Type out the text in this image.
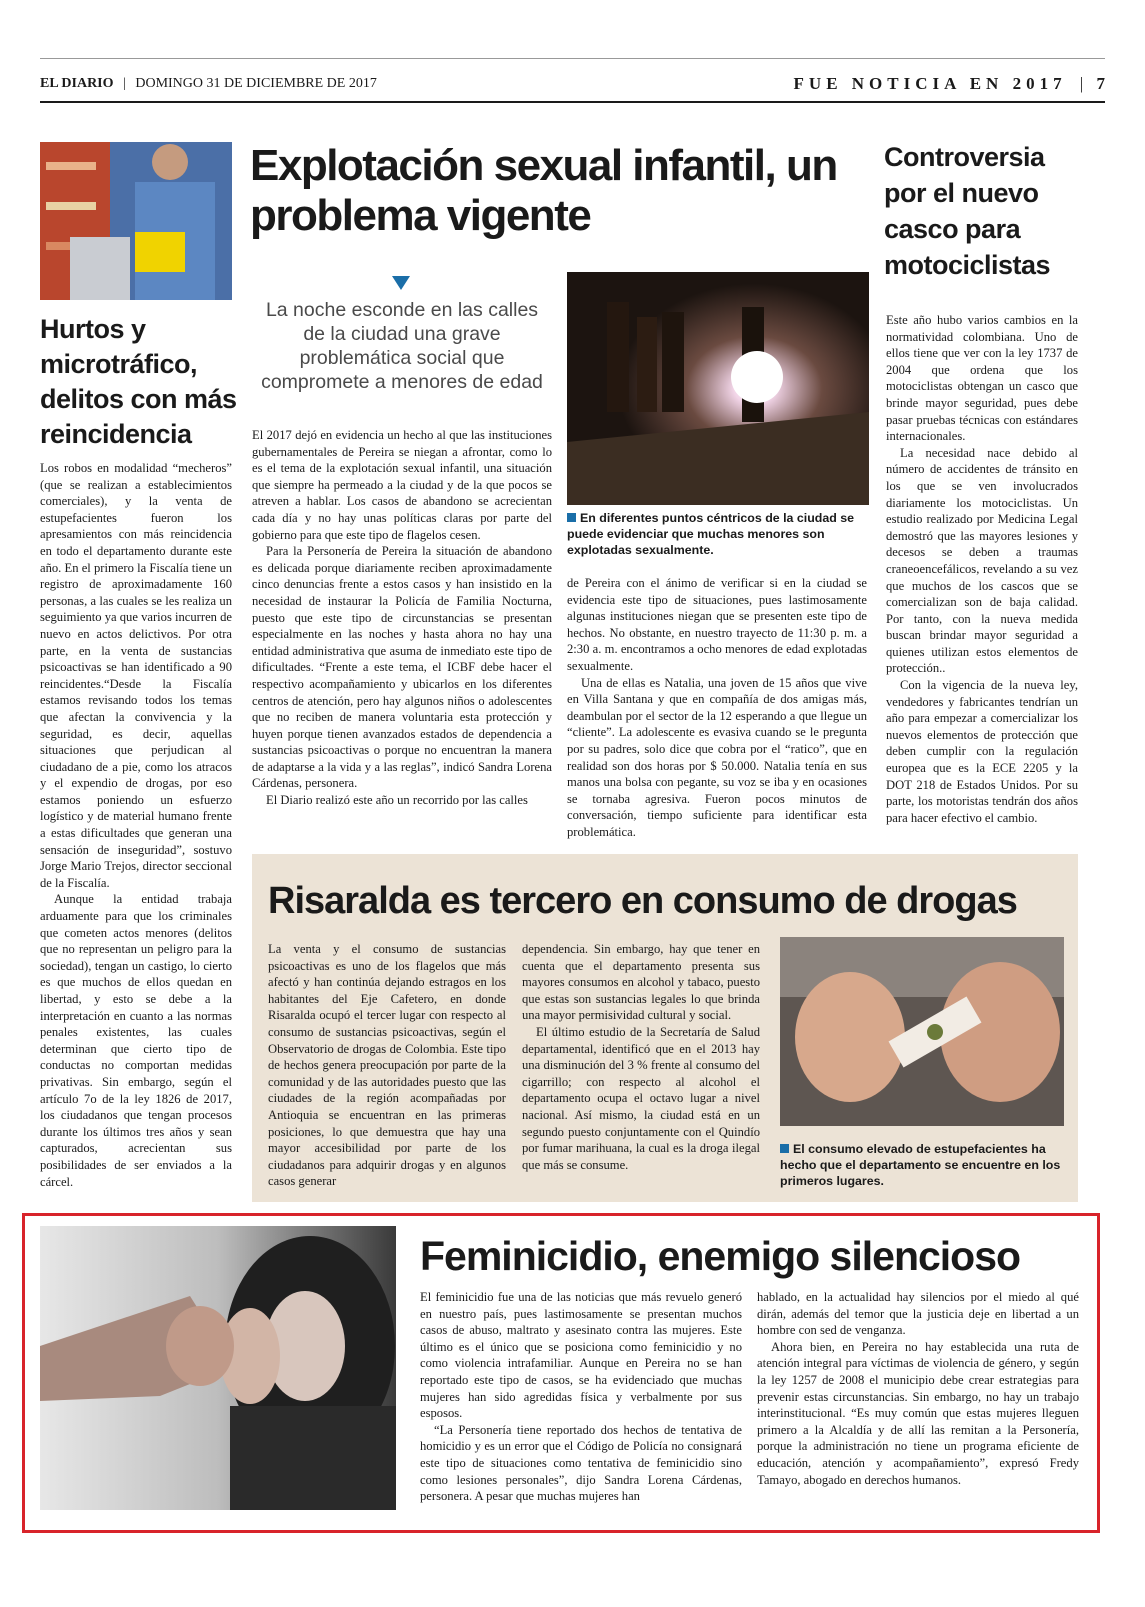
EL DIARIO | DOMINGO 31 DE DICIEMBRE DE 2017	FUE NOTICIA EN 2017 | 7
Hurtos y microtráfico, delitos con más reincidencia

Los robos en modalidad “mecheros” (que se realizan a establecimientos comerciales), y la venta de estupefacientes fueron los apresamientos con más reincidencia en todo el departamento durante este año. En el primero la Fiscalía tiene un registro de aproximadamente 160 personas, a las cuales se les realiza un seguimiento ya que varios incurren de nuevo en actos delictivos. Por otra parte, en la venta de sustancias psicoactivas se han identificado a 90 reincidentes.“Desde la Fiscalía estamos revisando todos los temas que afectan la convivencia y la seguridad, es decir, aquellas situaciones que perjudican al ciudadano de a pie, como los atracos y el expendio de drogas, por eso estamos poniendo un esfuerzo logístico y de material humano frente a estas dificultades que generan una sensación de inseguridad”, sostuvo Jorge Mario Trejos, director seccional de la Fiscalía.

Aunque la entidad trabaja arduamente para que los criminales que cometen actos menores (delitos que no representan un peligro para la sociedad), tengan un castigo, lo cierto es que muchos de ellos quedan en libertad, y esto se debe a la interpretación en cuanto a las normas penales existentes, las cuales determinan que cierto tipo de conductas no comportan medidas privativas. Sin embargo, según el artículo 7o de la ley 1826 de 2017, los ciudadanos que tengan procesos durante los últimos tres años y sean capturados, acrecientan sus posibilidades de ser enviados a la cárcel.

Explotación sexual infantil, un problema vigente
La noche esconde en las calles de la ciudad una grave problemática social que compromete a menores de edad

El 2017 dejó en evidencia un hecho al que las instituciones gubernamentales de Pereira se niegan a afrontar, como lo es el tema de la explotación sexual infantil, una situación que siempre ha permeado a la ciudad y de la que pocos se atreven a hablar. Los casos de abandono se acrecientan cada día y no hay unas políticas claras por parte del gobierno para que este tipo de flagelos cesen.

Para la Personería de Pereira la situación de abandono es delicada porque diariamente reciben aproximadamente cinco denuncias frente a estos casos y han insistido en la necesidad de instaurar la Policía de Familia Nocturna, puesto que este tipo de circunstancias se presentan especialmente en las noches y hasta ahora no hay una entidad administrativa que asuma de inmediato este tipo de dificultades. “Frente a este tema, el ICBF debe hacer el respectivo acompañamiento y ubicarlos en los diferentes centros de atención, pero hay algunos niños o adolescentes que no reciben de manera voluntaria esta protección y huyen porque tienen avanzados estados de dependencia a sustancias psicoactivas o porque no encuentran la manera de adaptarse a la vida y a las reglas”, indicó Sandra Lorena Cárdenas, personera.

El Diario realizó este año un recorrido por las calles

En diferentes puntos céntricos de la ciudad se puede evidenciar que muchas menores son explotadas sexualmente.

de Pereira con el ánimo de verificar si en la ciudad se evidencia este tipo de situaciones, pues lastimosamente algunas instituciones niegan que se presenten este tipo de hechos. No obstante, en nuestro trayecto de 11:30 p. m. a 2:30 a. m. encontramos a ocho menores de edad explotadas sexualmente.

Una de ellas es Natalia, una joven de 15 años que vive en Villa Santana y que en compañía de dos amigas más, deambulan por el sector de la 12 esperando a que llegue un “cliente”. La adolescente es evasiva cuando se le pregunta por su padres, solo dice que cobra por el “ratico”, que en realidad son dos horas por $ 50.000. Natalia tenía en sus manos una bolsa con pegante, su voz se iba y en ocasiones se tornaba agresiva. Fueron pocos minutos de conversación, tiempo suficiente para identificar esta problemática.

Controversia por el nuevo casco para motociclistas

Este año hubo varios cambios en la normatividad colombiana. Uno de ellos tiene que ver con la ley 1737 de 2004 que ordena que los motociclistas obtengan un casco que brinde mayor seguridad, pues debe pasar pruebas técnicas con estándares internacionales.

La necesidad nace debido al número de accidentes de tránsito en los que se ven involucrados diariamente los motociclistas. Un estudio realizado por Medicina Legal demostró que las mayores lesiones y decesos se deben a traumas craneoencefálicos, revelando a su vez que muchos de los cascos que se comercializan son de baja calidad. Por tanto, con la nueva medida buscan brindar mayor seguridad a quienes utilizan estos elementos de protección..

Con la vigencia de la nueva ley, vendedores y fabricantes tendrían un año para empezar a comercializar los nuevos elementos de protección que deben cumplir con la regulación europea que es la ECE 2205 y la DOT 218 de Estados Unidos. Por su parte, los motoristas tendrán dos años para hacer efectivo el cambio.

Risaralda es tercero en consumo de drogas

La venta y el consumo de sustancias psicoactivas es uno de los flagelos que más afectó y han continúa dejando estragos en los habitantes del Eje Cafetero, en donde Risaralda ocupó el tercer lugar con respecto al consumo de sustancias psicoactivas, según el Observatorio de drogas de Colombia. Este tipo de hechos genera preocupación por parte de la comunidad y de las autoridades puesto que las ciudades de la región acompañadas por Antioquia se encuentran en las primeras posiciones, lo que demuestra que hay una mayor accesibilidad por parte de los ciudadanos para adquirir drogas y en algunos casos generar

dependencia. Sin embargo, hay que tener en cuenta que el departamento presenta sus mayores consumos en alcohol y tabaco, puesto que estas son sustancias legales lo que brinda una mayor permisividad cultural y social.

El último estudio de la Secretaría de Salud departamental, identificó que en el 2013 hay una disminución del 3 % frente al consumo del cigarrillo; con respecto al alcohol el departamento ocupa el octavo lugar a nivel nacional. Así mismo, la ciudad está en un segundo puesto conjuntamente con el Quindío por fumar marihuana, la cual es la droga ilegal que más se consume.

El consumo elevado de estupefacientes ha hecho que el departamento se encuentre en los primeros lugares.
Feminicidio, enemigo silencioso

El feminicidio fue una de las noticias que más revuelo generó en nuestro país, pues lastimosamente se presentan muchos casos de abuso, maltrato y asesinato contra las mujeres. Este último es el único que se posiciona como feminicidio y no como violencia intrafamiliar. Aunque en Pereira no se han reportado este tipo de casos, se ha evidenciado que muchas mujeres han sido agredidas física y verbalmente por sus esposos.

“La Personería tiene reportado dos hechos de tentativa de homicidio y es un error que el Código de Policía no consignará este tipo de situaciones como tentativa de feminicidio sino como lesiones personales”, dijo Sandra Lorena Cárdenas, personera. A pesar que muchas mujeres han

hablado, en la actualidad hay silencios por el miedo al qué dirán, además del temor que la justicia deje en libertad a un hombre con sed de venganza.

Ahora bien, en Pereira no hay establecida una ruta de atención integral para víctimas de violencia de género, y según la ley 1257 de 2008 el municipio debe crear estrategias para prevenir estas circunstancias. Sin embargo, no hay un trabajo interinstitucional. “Es muy común que estas mujeres lleguen primero a la Alcaldía y de allí las remitan a la Personería, porque la administración no tiene un programa eficiente de educación, atención y acompañamiento”, expresó Fredy Tamayo, abogado en derechos humanos.
